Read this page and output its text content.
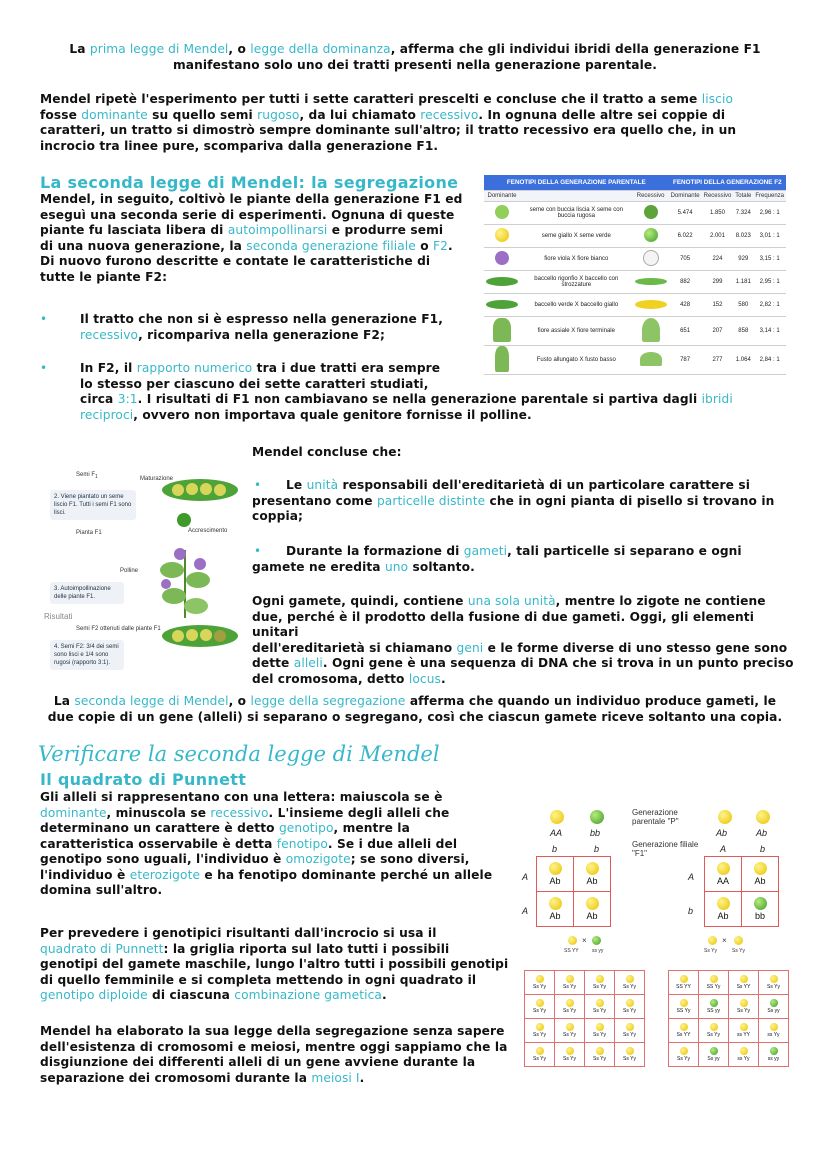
La prima legge di Mendel, o legge della dominanza, afferma che gli individui ibridi della generazione F1
manifestano solo uno dei tratti presenti nella generazione parentale.
Mendel ripetè l'esperimento per tutti i sette caratteri prescelti e concluse che il tratto a seme liscio
fosse dominante su quello semi rugoso, da lui chiamato recessivo. In ognuna delle altre sei coppie di
caratteri, un tratto si dimostrò sempre dominante sull'altro; il tratto recessivo era quello che, in un
incrocio tra linee pure, scompariva dalla generazione F1.
La seconda legge di Mendel: la segregazione
Mendel, in seguito, coltivò le piante della generazione F1 ed
eseguì una seconda serie di esperimenti. Ognuna di queste
piante fu lasciata libera di autoimpollinarsi e produrre semi
di una nuova generazione, la seconda generazione filiale o F2.
Di nuovo furono descritte e contate le caratteristiche di
tutte le piante F2:
•	Il tratto che non si è espresso nella generazione F1,
recessivo, ricompariva nella generazione F2;
•	In F2, il rapporto numerico tra i due tratti era sempre
lo stesso per ciascuno dei sette caratteri studiati,
circa 3:1. I risultati di F1 non cambiavano se nella generazione parentale si partiva dagli ibridi
reciproci, ovvero non importava quale genitore fornisse il polline.
FENOTIPI DELLA GENERAZIONE PARENTALE			FENOTIPI DELLA GENERAZIONE F2			
Dominante		Recessivo	Dominante	Recessivo	Totale	Frequenza
	seme con buccia liscia X seme con buccia rugosa		5.474	1.850	7.324	2,96 : 1
	seme giallo X seme verde		6.022	2.001	8.023	3,01 : 1
	fiore viola X fiore bianco		705	224	929	3,15 : 1
	baccello rigonfio X baccello con strozzature		882	299	1.181	2,95 : 1
	baccello verde X baccello giallo		428	152	580	2,82 : 1
	fiore assiale X fiore terminale		651	207	858	3,14 : 1
	Fusto allungato X fusto basso		787	277	1.064	2,84 : 1
Semi $F_1$	Maturazione
2. Viene piantato un seme liscio F1. Tutti i semi F1 sono lisci.
Pianta F1	Accrescimento
Polline
3. Autoimpollinazione delle piante F1.
Risultati
Semi F2 ottenuti dalle piante F1
4. Semi F2: 3/4 dei semi sono lisci e 1/4 sono rugosi (rapporto 3:1).
Mendel concluse che:
•	Le unità responsabili dell'ereditarietà di un particolare carattere si
presentano come particelle distinte che in ogni pianta di pisello si trovano in
coppia;
•	Durante la formazione di gameti, tali particelle si separano e ogni
gamete ne eredita uno soltanto.
Ogni gamete, quindi, contiene una sola unità, mentre lo zigote ne contiene
due, perché è il prodotto della fusione di due gameti. Oggi, gli elementi unitari
dell'ereditarietà si chiamano geni e le forme diverse di uno stesso gene sono
dette alleli. Ogni gene è una sequenza di DNA che si trova in un punto preciso
del cromosoma, detto locus.
La seconda legge di Mendel, o legge della segregazione afferma che quando un individuo produce gameti, le
due copie di un gene (alleli) si separano o segregano, così che ciascun gamete riceve soltanto una copia.
Verificare la seconda legge di Mendel
Il quadrato di Punnett
Gli alleli si rappresentano con una lettera: maiuscola se è
dominante, minuscola se recessivo. L'insieme degli alleli che
determinano un carattere è detto genotipo, mentre la
caratteristica osservabile è detta fenotipo. Se i due alleli del
genotipo sono uguali, l'individuo è omozigote; se sono diversi,
l'individuo è eterozigote e ha fenotipo dominante perché un allele
domina sull'altro.
Per prevedere i genotipici risultanti dall'incrocio si usa il
quadrato di Punnett: la griglia riporta sul lato tutti i possibili
genotipi del gamete maschile, lungo l'altro tutti i possibili genotipi
di quello femminile e si completa mettendo in ogni quadrato il
genotipo diploide di ciascuna combinazione gametica.
Mendel ha elaborato la sua legge della segregazione senza sapere
dell'esistenza di cromosomi e meiosi, mentre oggi sappiamo che la
disgiunzione dei differenti alleli di un gene avviene durante la
separazione dei cromosomi durante la meiosi I.
AA	bb
b	b
A
A
Ab	Ab

Ab	Ab
Generazione parentale "P"
Generazione filiale "F1"
Ab	Ab
A	b
A
b
AA	Ab

Ab	bb
×
SS YY	ss yy
Ss Yy	Ss Yy	Ss Yy	Ss Yy

Ss Yy	Ss Yy	Ss Yy	Ss Yy

Ss Yy	Ss Yy	Ss Yy	Ss Yy

Ss Yy	Ss Yy	Ss Yy	Ss Yy
×
Ss Yy	Ss Yy
SS YY	SS Yy	Ss YY	Ss Yy

SS Yy	SS yy	Ss Yy	Ss yy

Ss YY	Ss Yy	ss YY	ss Yy

Ss Yy	Ss yy	ss Yy	ss yy
